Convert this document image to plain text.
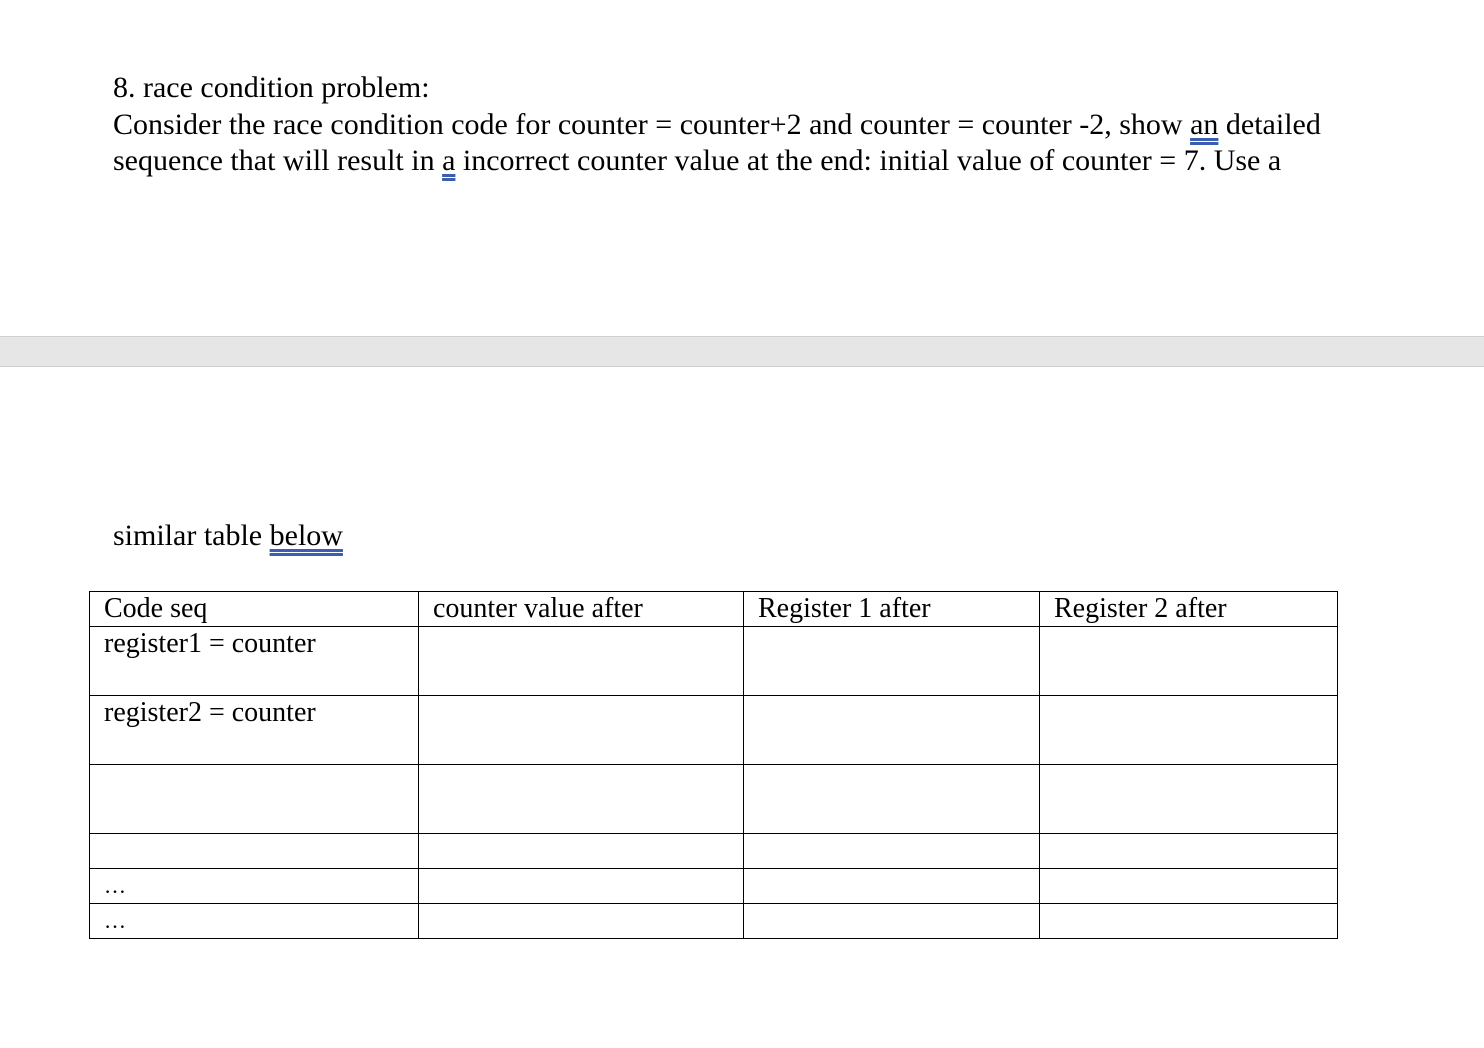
8. race condition problem:
Consider the race condition code for counter = counter+2 and counter = counter -2, show an detailed
sequence that will result in a incorrect counter value at the end: initial value of counter = 7. Use a
similar table below
Code seq	counter value after	Register 1 after	Register 2 after
register1 = counter			
register2 = counter			

…			
…			
